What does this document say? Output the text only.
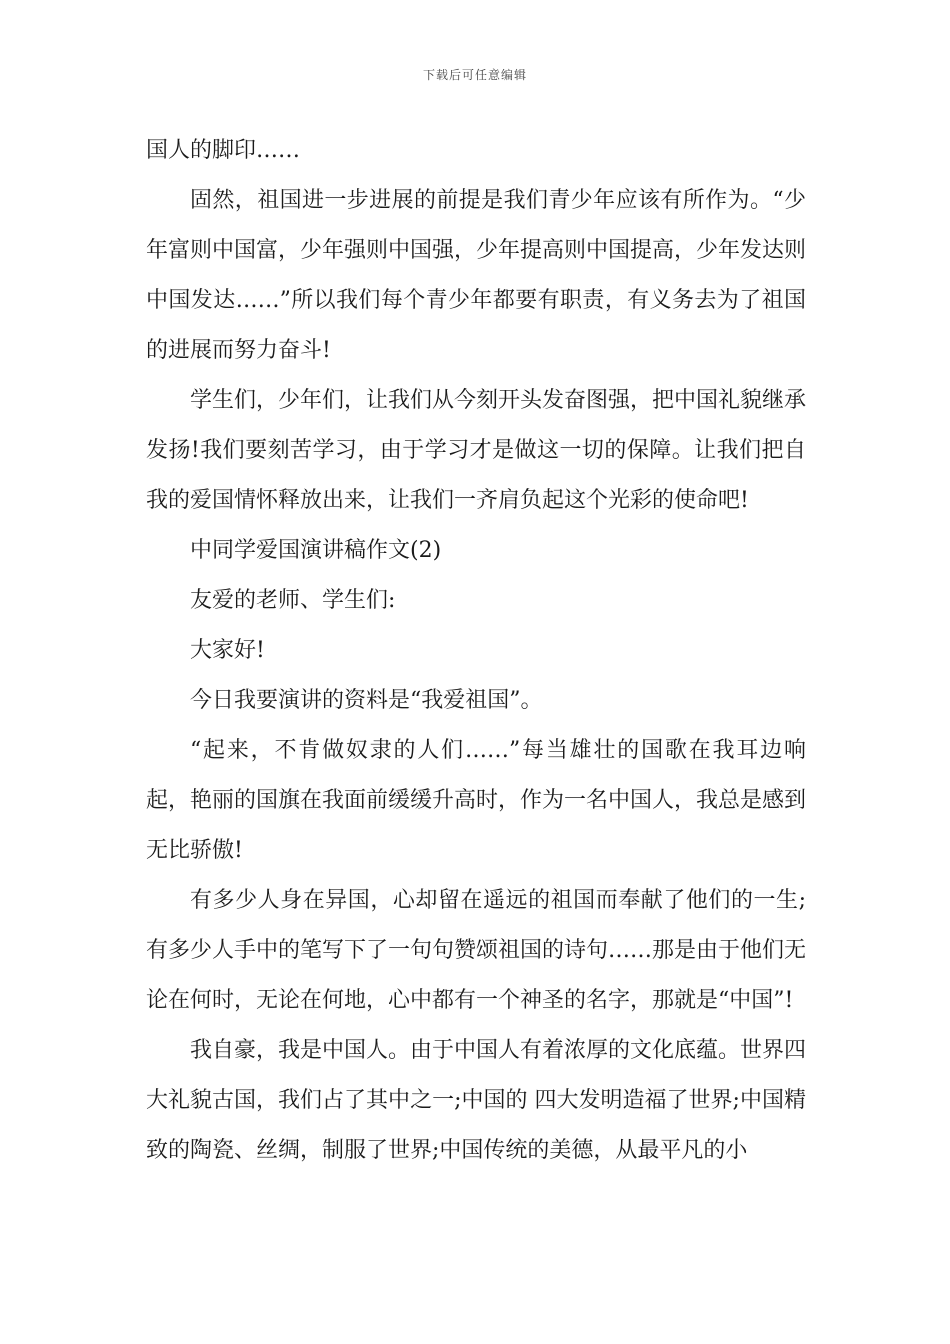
下载后可任意编辑

国人的脚印……

固然，祖国进一步进展的前提是我们青少年应该有所作为。“少年富则中国富，少年强则中国强，少年提高则中国提高，少年发达则中国发达……”所以我们每个青少年都要有职责，有义务去为了祖国的进展而努力奋斗!

学生们，少年们，让我们从今刻开头发奋图强，把中国礼貌继承发扬!我们要刻苦学习，由于学习才是做这一切的保障。让我们把自我的爱国情怀释放出来，让我们一齐肩负起这个光彩的使命吧!

中同学爱国演讲稿作文(2)

友爱的老师、学生们:

大家好!

今日我要演讲的资料是“我爱祖国”。

“起来，不肯做奴隶的人们……”每当雄壮的国歌在我耳边响起，艳丽的国旗在我面前缓缓升高时，作为一名中国人，我总是感到无比骄傲!

有多少人身在异国，心却留在遥远的祖国而奉献了他们的一生;有多少人手中的笔写下了一句句赞颂祖国的诗句……那是由于他们无论在何时，无论在何地，心中都有一个神圣的名字，那就是“中国”!

我自豪，我是中国人。由于中国人有着浓厚的文化底蕴。世界四大礼貌古国，我们占了其中之一;中国的 四大发明造福了世界;中国精致的陶瓷、丝绸，制服了世界;中国传统的美德，从最平凡的小
